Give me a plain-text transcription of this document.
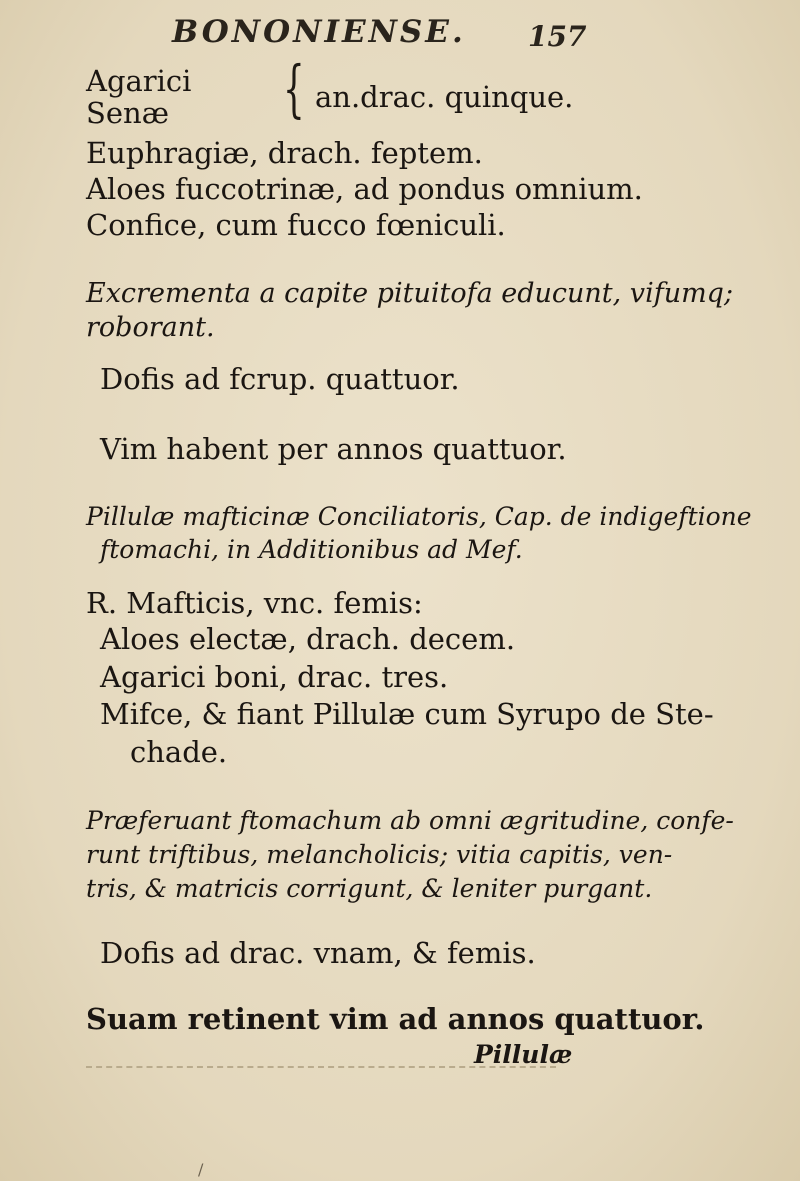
BONONIENSE. 157
Agarici
Senæ { an.drac. quinque.
Euphragiæ, drach. feptem.
Aloes fuccotrinæ, ad pondus omnium.
Confice, cum fucco fœniculi.
Excrementa a capite pituitofa educunt, vifumq;
roborant.
Dofis ad fcrup. quattuor.
Vim habent per annos quattuor.
Pillulæ mafticinæ Conciliatoris, Cap. de indigeftione
ftomachi, in Additionibus ad Mef.
R. Mafticis, vnc. femis:
Aloes electæ, drach. decem.
Agarici boni, drac. tres.
Mifce, & fiant Pillulæ cum Syrupo de Ste-
chade.
Præferuant ftomachum ab omni ægritudine, confe-
runt triftibus, melancholicis; vitia capitis, ven-
tris, & matricis corrigunt, & leniter purgant.
Dofis ad drac. vnam, & femis.
Suam retinent vim ad annos quattuor.
Pillulæ
/
